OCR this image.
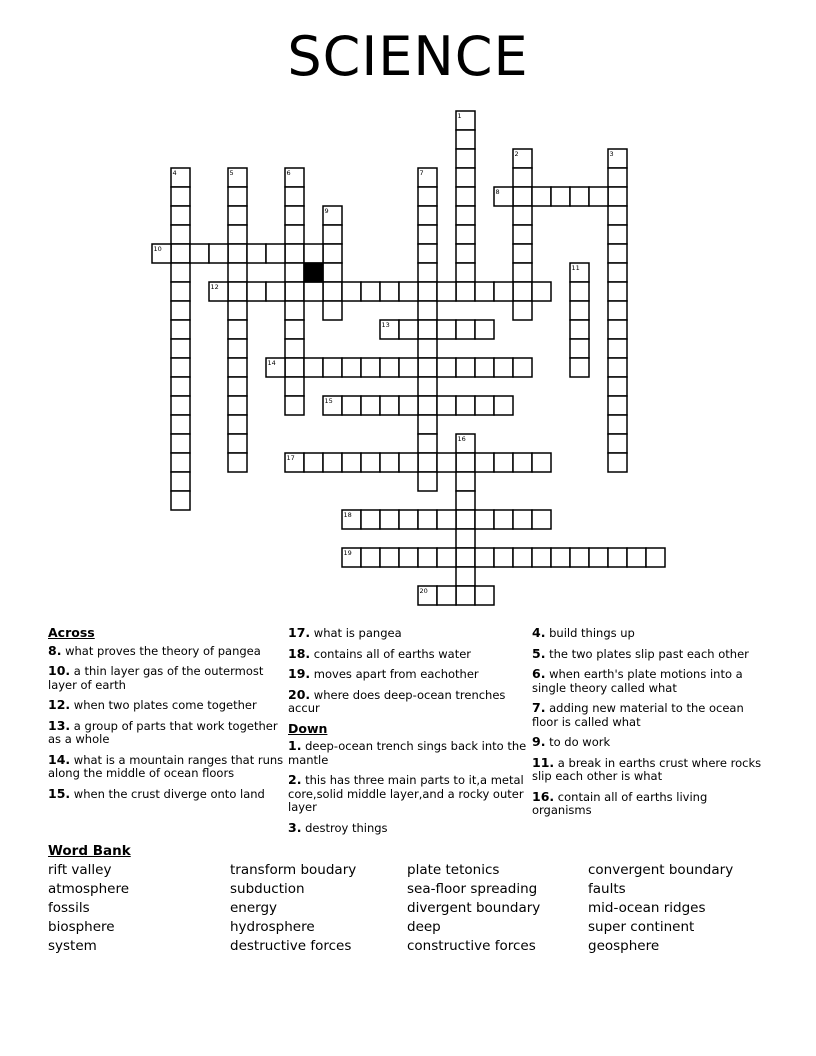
SCIENCE
1
2	3
4	5	6	7
8
9
10
11
12
13
14
15
16
17
18
19
20
Across
8. what proves the theory of pangea
10. a thin layer gas of the outermost layer of earth
12. when two plates come together
13. a group of parts that work together as a whole
14. what is a mountain ranges that runs along the middle of ocean floors
15. when the crust diverge onto land
17. what is pangea
18. contains all of earths water
19. moves apart from eachother
20. where does deep-ocean trenches accur
Down
1. deep-ocean trench sings back into the mantle
2. this has three main parts to it,a metal core,solid middle layer,and a rocky outer layer
3. destroy things
4. build things up
5. the two plates slip past each other
6. when earth's plate motions into a single theory called what
7. adding new material to the ocean floor is called what
9. to do work
11. a break in earths crust where rocks slip each other is what
16. contain all of earths living organisms
Word Bank
rift valley
atmosphere
fossils
biosphere
system
transform boudary
subduction
energy
hydrosphere
destructive forces
plate tetonics
sea-floor spreading
divergent boundary
deep
constructive forces
convergent boundary
faults
mid-ocean ridges
super continent
geosphere
